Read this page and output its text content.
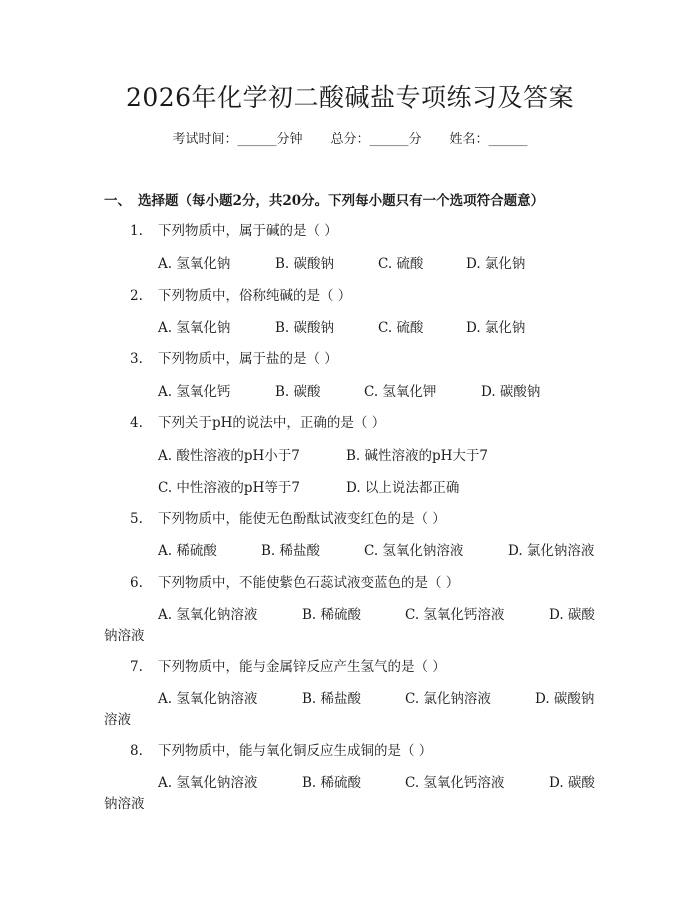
2026年化学初二酸碱盐专项练习及答案
考试时间：______分钟 总分：______分 姓名：______
一、 选择题（每小题2分，共20分。下列每小题只有一个选项符合题意）
1. 下列物质中，属于碱的是（ ）
A. 氢氧化钠	B. 碳酸钠	C. 硫酸	D. 氯化钠
2. 下列物质中，俗称纯碱的是（ ）
A. 氢氧化钠	B. 碳酸钠	C. 硫酸	D. 氯化钠
3. 下列物质中，属于盐的是（ ）
A. 氢氧化钙	B. 碳酸	C. 氢氧化钾	D. 碳酸钠
4. 下列关于pH的说法中，正确的是（ ）
A. 酸性溶液的pH小于7	B. 碱性溶液的pH大于7
C. 中性溶液的pH等于7	D. 以上说法都正确
5. 下列物质中，能使无色酚酞试液变红色的是（ ）
A. 稀硫酸	B. 稀盐酸	C. 氢氧化钠溶液	D. 氯化钠溶液
6. 下列物质中，不能使紫色石蕊试液变蓝色的是（ ）
A. 氢氧化钠溶液	B. 稀硫酸	C. 氢氧化钙溶液	D. 碳酸
钠溶液
7. 下列物质中，能与金属锌反应产生氢气的是（ ）
A. 氢氧化钠溶液	B. 稀盐酸	C. 氯化钠溶液	D. 碳酸钠
溶液
8. 下列物质中，能与氧化铜反应生成铜的是（ ）
A. 氢氧化钠溶液	B. 稀硫酸	C. 氢氧化钙溶液	D. 碳酸
钠溶液
